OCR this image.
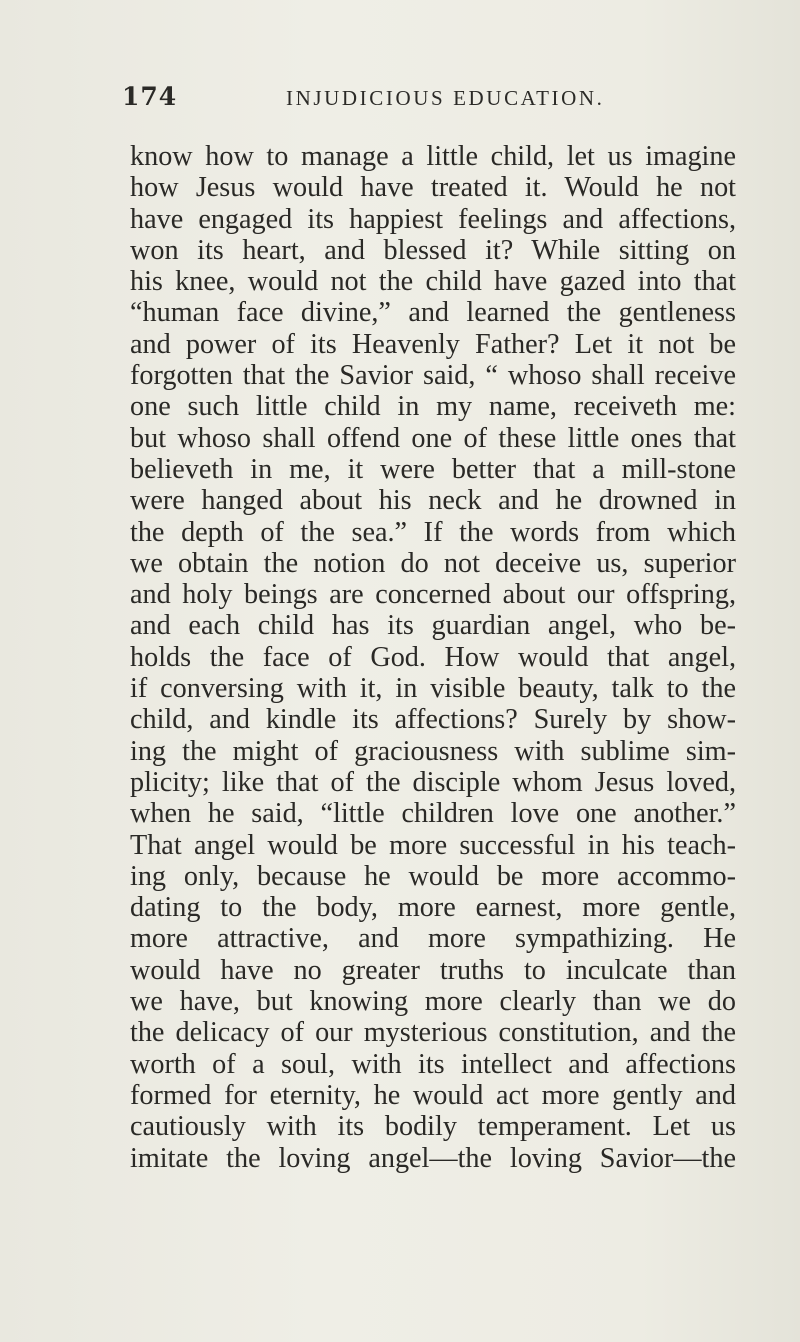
174	INJUDICIOUS EDUCATION.
know how to manage a little child, let us imagine
how Jesus would have treated it. Would he not
have engaged its happiest feelings and affections,
won its heart, and blessed it? While sitting on
his knee, would not the child have gazed into that
“human face divine,” and learned the gentleness
and power of its Heavenly Father? Let it not be
forgotten that the Savior said, “ whoso shall receive
one such little child in my name, receiveth me:
but whoso shall offend one of these little ones that
believeth in me, it were better that a mill-stone
were hanged about his neck and he drowned in
the depth of the sea.” If the words from which
we obtain the notion do not deceive us, superior
and holy beings are concerned about our offspring,
and each child has its guardian angel, who be-
holds the face of God. How would that angel,
if conversing with it, in visible beauty, talk to the
child, and kindle its affections? Surely by show-
ing the might of graciousness with sublime sim-
plicity; like that of the disciple whom Jesus loved,
when he said, “little children love one another.”
That angel would be more successful in his teach-
ing only, because he would be more accommo-
dating to the body, more earnest, more gentle,
more attractive, and more sympathizing. He
would have no greater truths to inculcate than
we have, but knowing more clearly than we do
the delicacy of our mysterious constitution, and the
worth of a soul, with its intellect and affections
formed for eternity, he would act more gently and
cautiously with its bodily temperament. Let us
imitate the loving angel—the loving Savior—the
